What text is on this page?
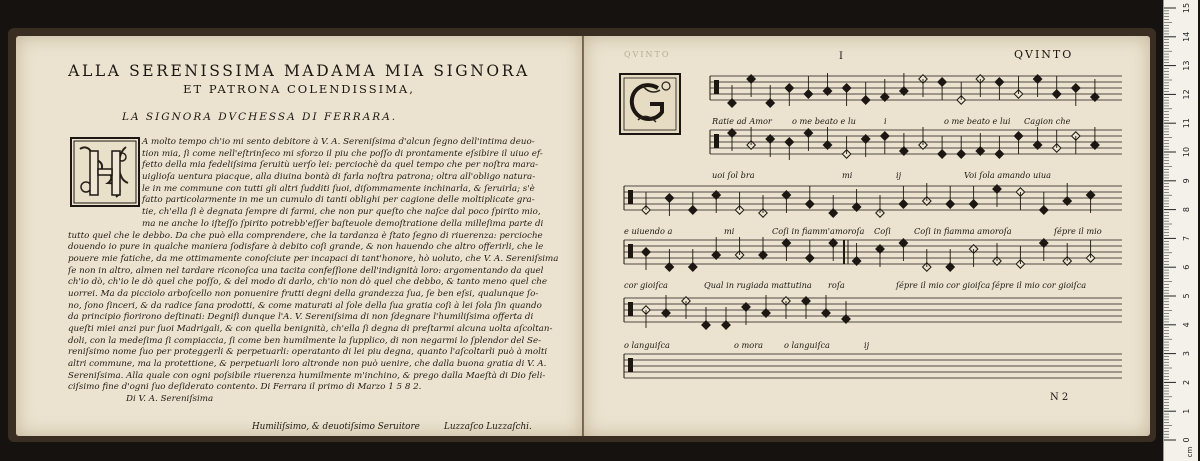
ALLA SERENISSIMA MADAMA MIA SIGNORA
ET PATRONA COLENDISSIMA,
LA SIGNORA DVCHESSA DI FERRARA.
A molto tempo ch'io mi sento debitore à V. A. Sereniſsima d'alcun ſegno dell'intima deuo-
tion mia, ſi come nell'eſtrinſeco mi sforzo il piu che poſſo di prontamente eſsibire il uiuo ef-
fetto della mia fedeliſsima ſeruitù uerſo lei: perciochè da quel tempo che per noſtra mara-
uiglioſa uentura piacque, alla diuina bontà di farla noſtra patrona; oltra all'obligo natura-
le in me commune con tutti gli altri ſudditi ſuoi, diſommamente inchinarla, & ſeruirla; s'è
fatto particolarmente in me un cumulo di tanti oblighi per cagione delle moltiplicate gra-
tie, ch'ella ſi è degnata ſempre di farmi, che non pur queſto che naſce dal poco ſpirito mio,
ma ne anche lo iſteſſo ſpirito potrebb'eſſer baſteuole demoſtratione della milleſima parte di
tutto quel che le debbo. Da che può ella comprendere, che la tardanza è ſtato ſegno di riuerenza: percioche
douendo io pure in qualche maniera ſodisfare à debito coſi grande, & non hauendo che altro offerirli, che le
pouere mie fatiche, da me ottimamente conoſciute per incapaci di tant'honore, hò uoluto, che V. A. Sereniſsima
ſe non in altro, almen nel tardare riconoſca una tacita confeſſione dell'indignità loro: argomentando da quel
ch'io dò, ch'io le dò quel che poſſo, & del modo di darlo, ch'io non dò quel che debbo, & tanto meno quel che
uorrei. Ma da picciolo arboſcello non ponuenire frutti degni della grandezza ſua, ſe ben eſsi, qualunque ſo-
no, ſono ſinceri, & da radice ſana prodotti, & come maturati al ſole della ſua gratia coſi à lei ſola ſin quando
da principio fiorirono deſtinati: Degniſi dunque l'A. V. Sereniſsima di non ſdegnare l'humiliſsima offerta di
queſti miei anzi pur ſuoi Madrigali, & con quella benignità, ch'ella ſi degna di preſtarmi alcuna uolta aſcoltan-
doli, con la medeſima ſi compiaccia, ſi come ben humilmente la ſupplico, di non negarmi lo ſplendor del Se-
reniſsimo nome ſuo per proteggerli & perpetuarli: operatanto di lei piu degna, quanto l'aſcoltarli può à molti
altri commune, ma la protettione, & perpetuarli loro altronde non può uenire, che dalla buona gratia di V. A.
Sereniſsima. Alla quale con ogni poſsibile riuerenza humilmente m'inchino, & prego dalla Maeſtà di Dio feli-
ciſsimo fine d'ogni ſuo deſiderato contento. Di Ferrara il primo di Marzo 1 5 8 2.
Di V. A. Sereniſsima
H
Humiliſsimo, & deuotiſsimo Seruitore	Luzzaſco Luzzaſchi.
QVINTO	I	QVINTO
Ratie ad Amor o me beato e lu	i	o me beato e lui Cagion che
uoi ſol bra	mi	ij	Voi ſola amando uiua
e uiuendo a	mi	Coſi in fiamm'amoroſa Coſi	Coſi in fiamma amoroſa	ſépre il mio
cor gioiſca	Qual in rugiada mattutina roſa	ſépre il mio cor gioiſca ſépre il mio cor gioiſca
o languiſca	o mora	o languiſca	ij
G
N 2
0
1
2
3
4
5
6
7
8
9
10
11
12
13
14
15
cm
